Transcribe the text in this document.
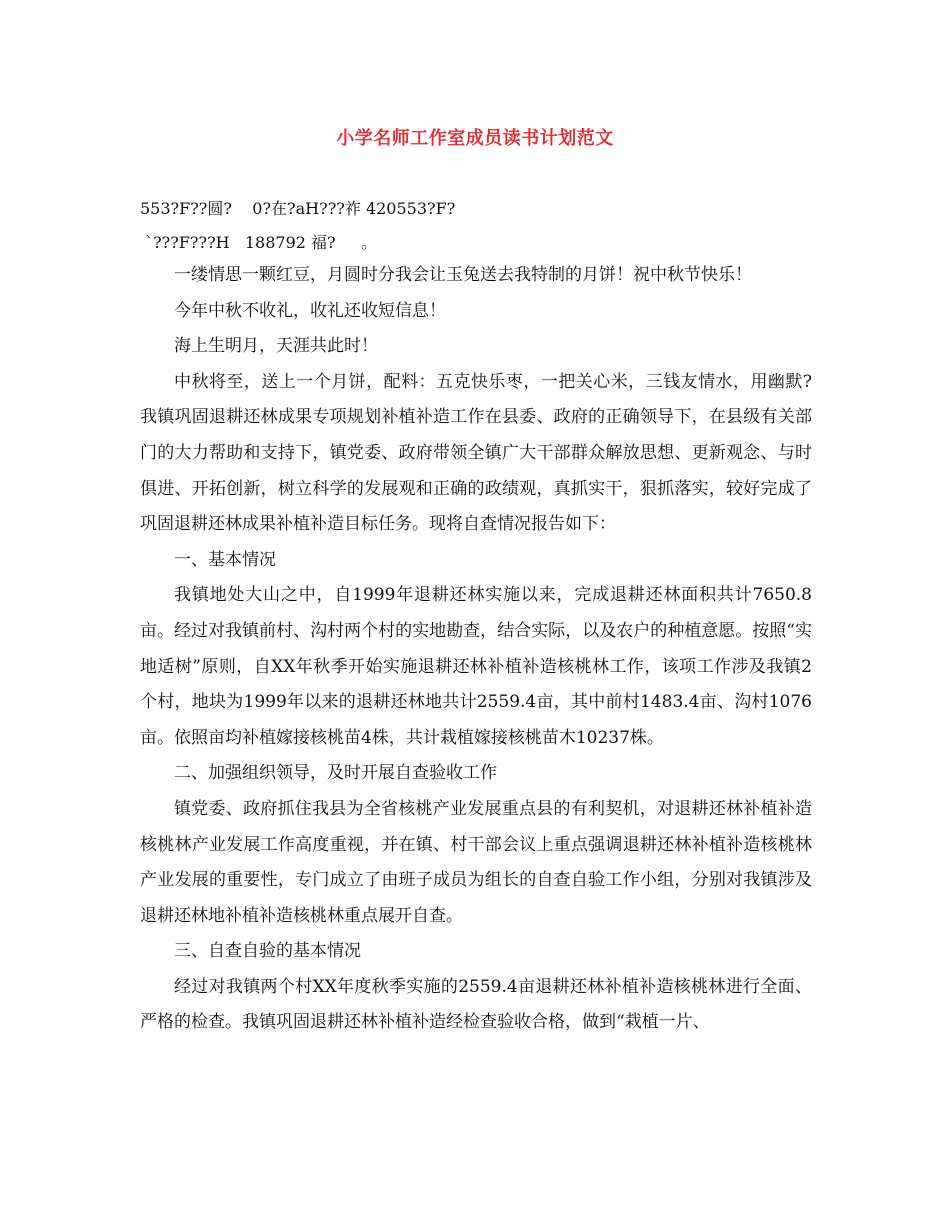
小学名师工作室成员读书计划范文
553?F??圆?    0?在?aH???祚 420553?F?
`???F???H   188792 福?     。

一缕情思一颗红豆，月圆时分我会让玉兔送去我特制的月饼！祝中秋节快乐！

今年中秋不收礼，收礼还收短信息！

海上生明月，天涯共此时！

中秋将至，送上一个月饼，配料：五克快乐枣，一把关心米，三钱友情水，用幽默?　　我镇巩固退耕还林成果专项规划补植补造工作在县委、政府的正确领导下，在县级有关部门的大力帮助和支持下，镇党委、政府带领全镇广大干部群众解放思想、更新观念、与时俱进、开拓创新，树立科学的发展观和正确的政绩观，真抓实干，狠抓落实，较好完成了巩固退耕还林成果补植补造目标任务。现将自查情况报告如下：

一、基本情况

我镇地处大山之中，自1999年退耕还林实施以来，完成退耕还林面积共计7650.8亩。经过对我镇前村、沟村两个村的实地勘查，结合实际，以及农户的种植意愿。按照“实地适树”原则，自XX年秋季开始实施退耕还林补植补造核桃林工作，该项工作涉及我镇2个村，地块为1999年以来的退耕还林地共计2559.4亩，其中前村1483.4亩、沟村1076亩。依照亩均补植嫁接核桃苗4株，共计栽植嫁接核桃苗木10237株。

二、加强组织领导，及时开展自查验收工作

镇党委、政府抓住我县为全省核桃产业发展重点县的有利契机，对退耕还林补植补造核桃林产业发展工作高度重视，并在镇、村干部会议上重点强调退耕还林补植补造核桃林产业发展的重要性，专门成立了由班子成员为组长的自查自验工作小组，分别对我镇涉及退耕还林地补植补造核桃林重点展开自查。

三、自查自验的基本情况

经过对我镇两个村XX年度秋季实施的2559.4亩退耕还林补植补造核桃林进行全面、严格的检查。我镇巩固退耕还林补植补造经检查验收合格，做到“栽植一片、
